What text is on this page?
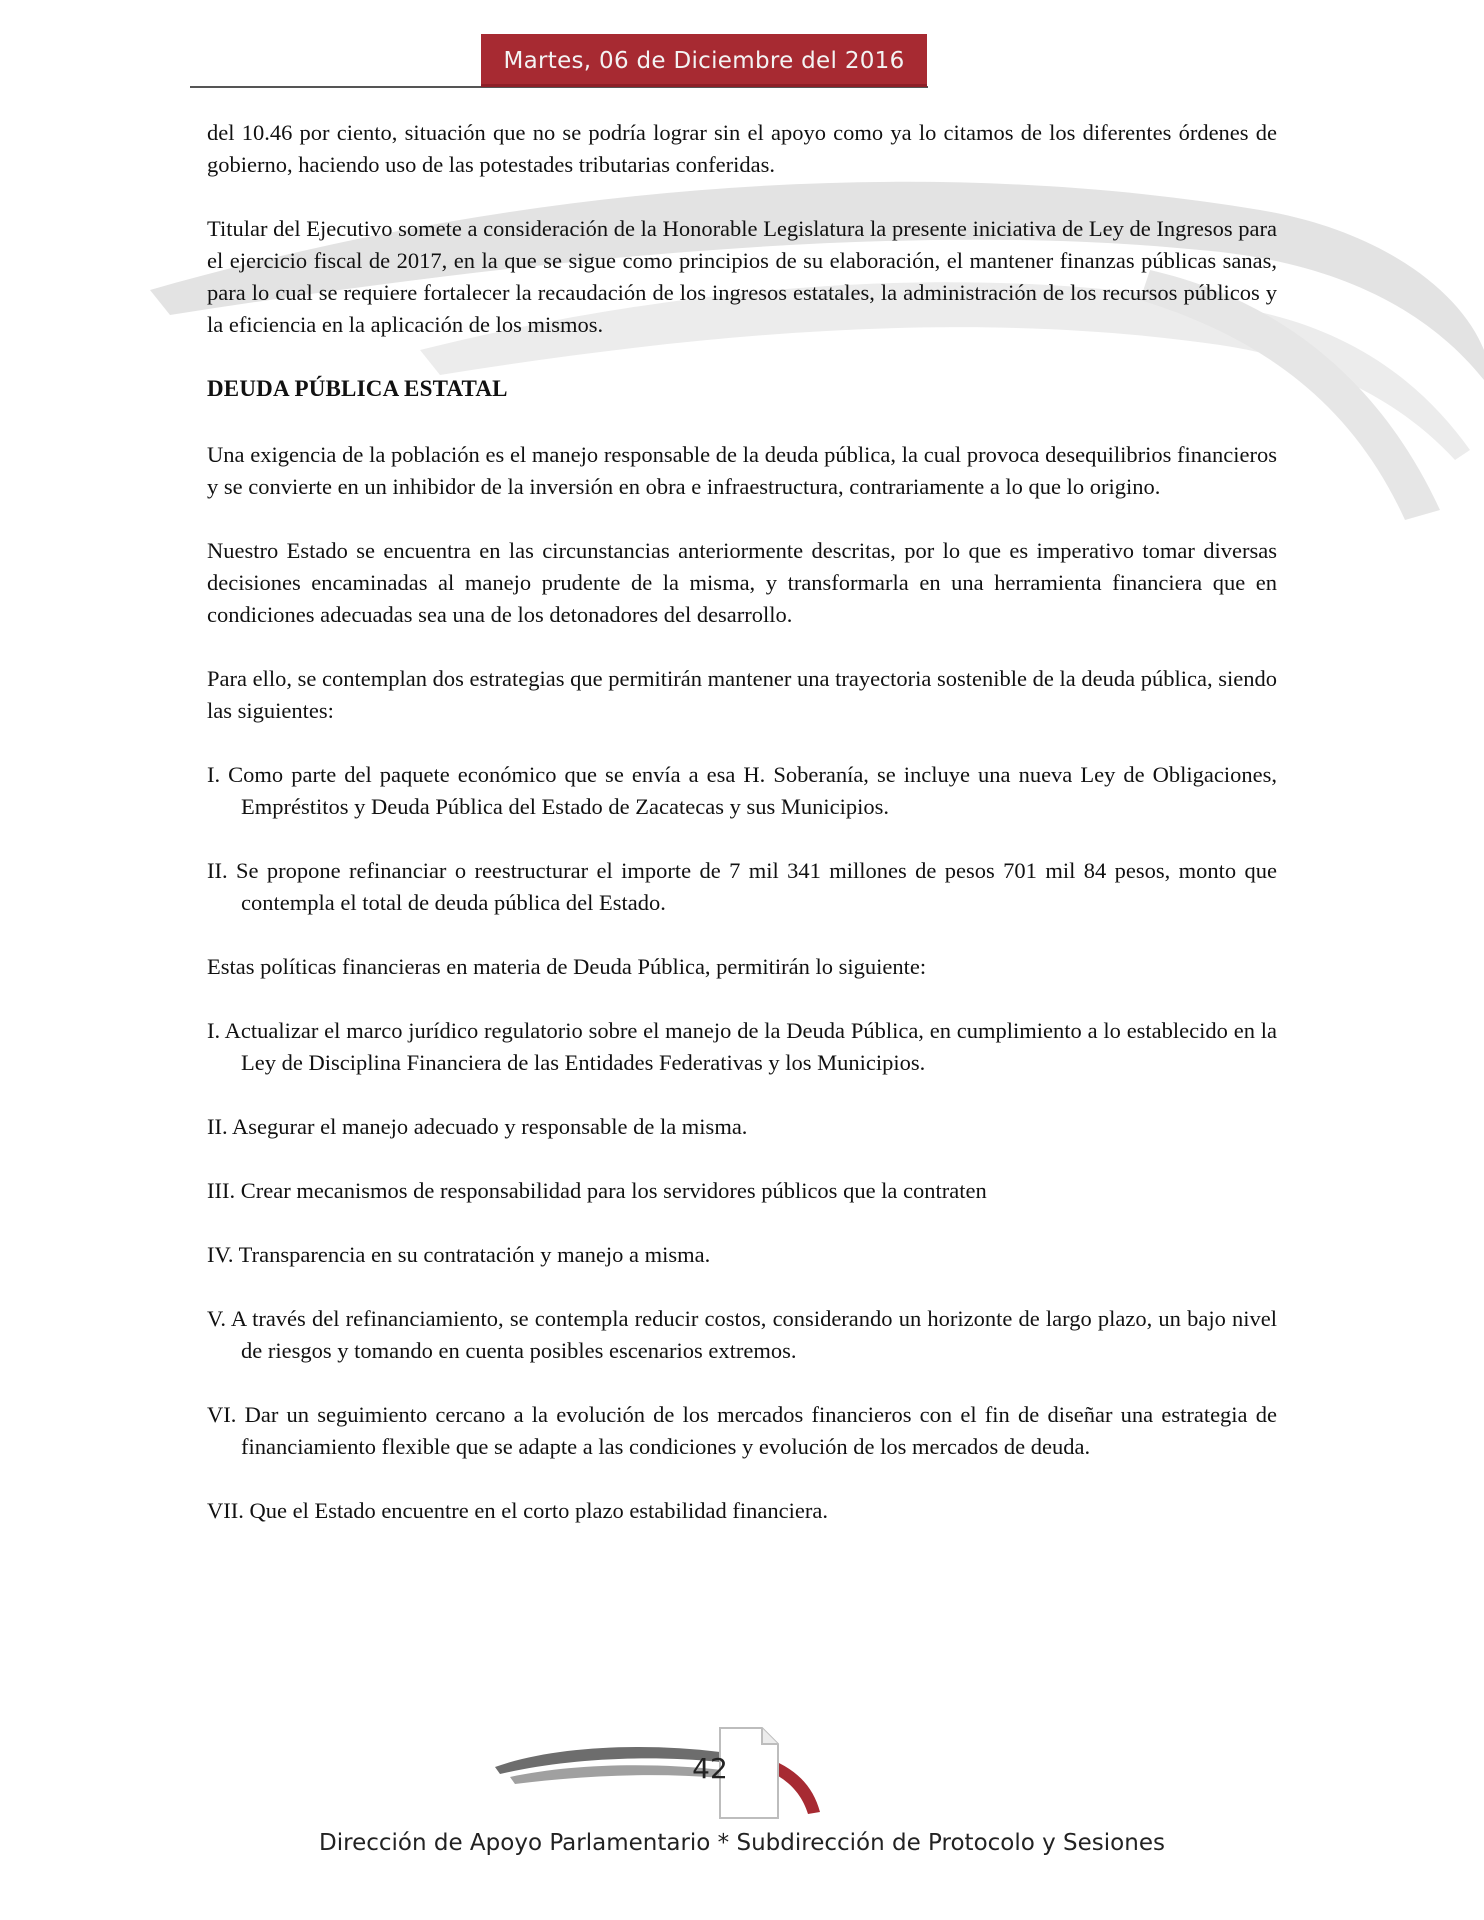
Martes, 06 de Diciembre del 2016

del 10.46 por ciento, situación que no se podría lograr sin el apoyo como ya lo citamos de los diferentes órdenes de gobierno, haciendo uso de las potestades tributarias conferidas.

Titular del Ejecutivo somete a consideración de la Honorable Legislatura la presente iniciativa de Ley de Ingresos para el ejercicio fiscal de 2017, en la que se sigue como principios de su elaboración, el mantener finanzas públicas sanas, para lo cual se requiere fortalecer la recaudación de los ingresos estatales, la administración de los recursos públicos y la eficiencia en la aplicación de los mismos.

DEUDA PÚBLICA ESTATAL

Una exigencia de la población es el manejo responsable de la deuda pública, la cual provoca desequilibrios financieros y se convierte en un inhibidor de la inversión en obra e infraestructura, contrariamente a lo que lo origino.

Nuestro Estado se encuentra en las circunstancias anteriormente descritas, por lo que es imperativo tomar diversas decisiones encaminadas al manejo prudente de la misma, y transformarla en una herramienta financiera que en condiciones adecuadas sea una de los detonadores del desarrollo.

Para ello, se contemplan dos estrategias que permitirán mantener una trayectoria sostenible de la deuda pública, siendo las siguientes:

I. Como parte del paquete económico que se envía a esa H. Soberanía, se incluye una nueva Ley de Obligaciones, Empréstitos y Deuda Pública del Estado de Zacatecas y sus Municipios.

II. Se propone refinanciar o reestructurar el importe de 7 mil 341 millones de pesos 701 mil 84 pesos, monto que contempla el total de deuda pública del Estado.

Estas políticas financieras en materia de Deuda Pública, permitirán lo siguiente:

I. Actualizar el marco jurídico regulatorio sobre el manejo de la Deuda Pública, en cumplimiento a lo establecido en la Ley de Disciplina Financiera de las Entidades Federativas y los Municipios.

II. Asegurar el manejo adecuado y responsable de la misma.

III. Crear mecanismos de responsabilidad para los servidores públicos que la contraten

IV. Transparencia en su contratación y manejo a misma.

V. A través del refinanciamiento, se contempla reducir costos, considerando un horizonte de largo plazo, un bajo nivel de riesgos y tomando en cuenta posibles escenarios extremos.

VI. Dar un seguimiento cercano a la evolución de los mercados financieros con el fin de diseñar una estrategia de financiamiento flexible que se adapte a las condiciones y evolución de los mercados de deuda.

VII. Que el Estado encuentre en el corto plazo estabilidad financiera.

42
Dirección de Apoyo Parlamentario * Subdirección de Protocolo y Sesiones
